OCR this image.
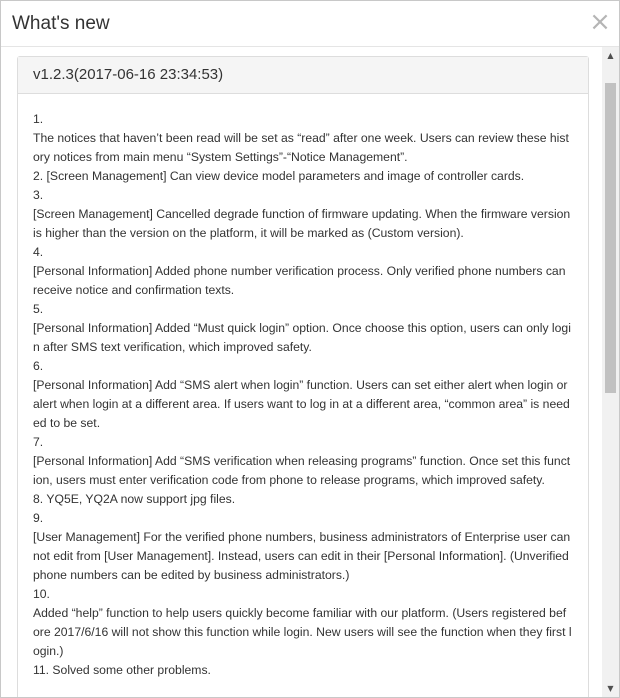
What's new	×
v1.2.3(2017-06-16 23:34:53)
1.
The notices that haven’t been read will be set as “read” after one week. Users can review these history notices from main menu “System Settings”-“Notice Management”.
2. [Screen Management] Can view device model parameters and image of controller cards.
3.
[Screen Management] Cancelled degrade function of firmware updating. When the firmware version is higher than the version on the platform, it will be marked as (Custom version).
4.
[Personal Information] Added phone number verification process. Only verified phone numbers can receive notice and confirmation texts.
5.
[Personal Information] Added “Must quick login” option. Once choose this option, users can only login after SMS text verification, which improved safety.
6.
[Personal Information] Add “SMS alert when login” function. Users can set either alert when login or alert when login at a different area. If users want to log in at a different area, “common area” is needed to be set.
7.
[Personal Information] Add “SMS verification when releasing programs” function. Once set this function, users must enter verification code from phone to release programs, which improved safety.
8. YQ5E, YQ2A now support jpg files.
9.
[User Management] For the verified phone numbers, business administrators of Enterprise user cannot edit from [User Management]. Instead, users can edit in their [Personal Information]. (Unverified phone numbers can be edited by business administrators.)
10.
Added “help” function to help users quickly become familiar with our platform. (Users registered before 2017/6/16 will not show this function while login. New users will see the function when they first login.)
11. Solved some other problems.
▲
▼
